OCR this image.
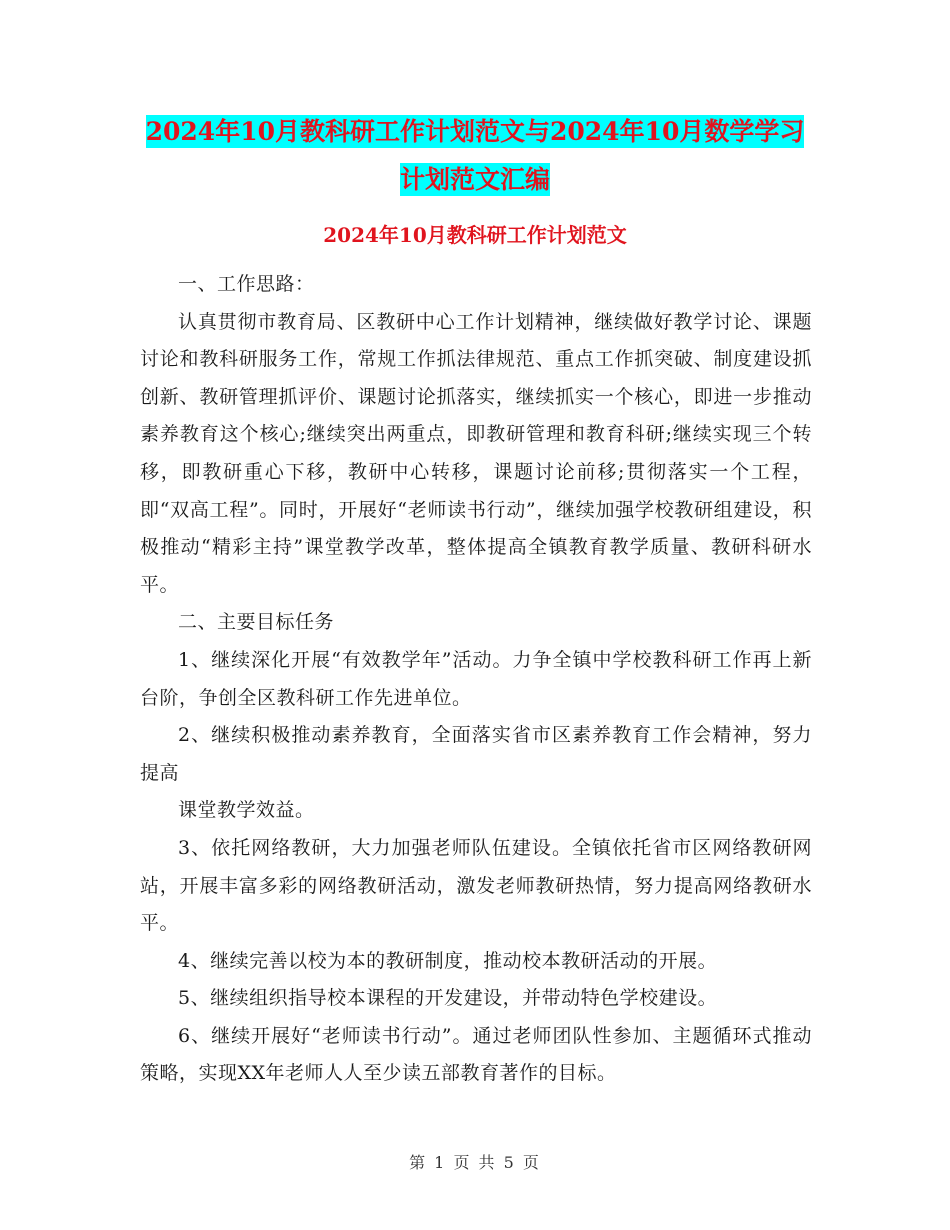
2024年10月教科研工作计划范文与2024年10月数学学习计划范文汇编
2024年10月教科研工作计划范文

一、工作思路：

认真贯彻市教育局、区教研中心工作计划精神，继续做好教学讨论、课题讨论和教科研服务工作，常规工作抓法律规范、重点工作抓突破、制度建设抓创新、教研管理抓评价、课题讨论抓落实，继续抓实一个核心，即进一步推动素养教育这个核心;继续突出两重点，即教研管理和教育科研;继续实现三个转移，即教研重心下移，教研中心转移，课题讨论前移;贯彻落实一个工程，即“双高工程”。同时，开展好“老师读书行动”，继续加强学校教研组建设，积极推动“精彩主持”课堂教学改革，整体提高全镇教育教学质量、教研科研水平。

二、主要目标任务

1、继续深化开展“有效教学年”活动。力争全镇中学校教科研工作再上新台阶，争创全区教科研工作先进单位。

2、继续积极推动素养教育，全面落实省市区素养教育工作会精神，努力提高

课堂教学效益。

3、依托网络教研，大力加强老师队伍建设。全镇依托省市区网络教研网站，开展丰富多彩的网络教研活动，激发老师教研热情，努力提高网络教研水平。

4、继续完善以校为本的教研制度，推动校本教研活动的开展。

5、继续组织指导校本课程的开发建设，并带动特色学校建设。

6、继续开展好“老师读书行动”。通过老师团队性参加、主题循环式推动策略，实现XX年老师人人至少读五部教育著作的目标。

第 1 页 共 5 页
